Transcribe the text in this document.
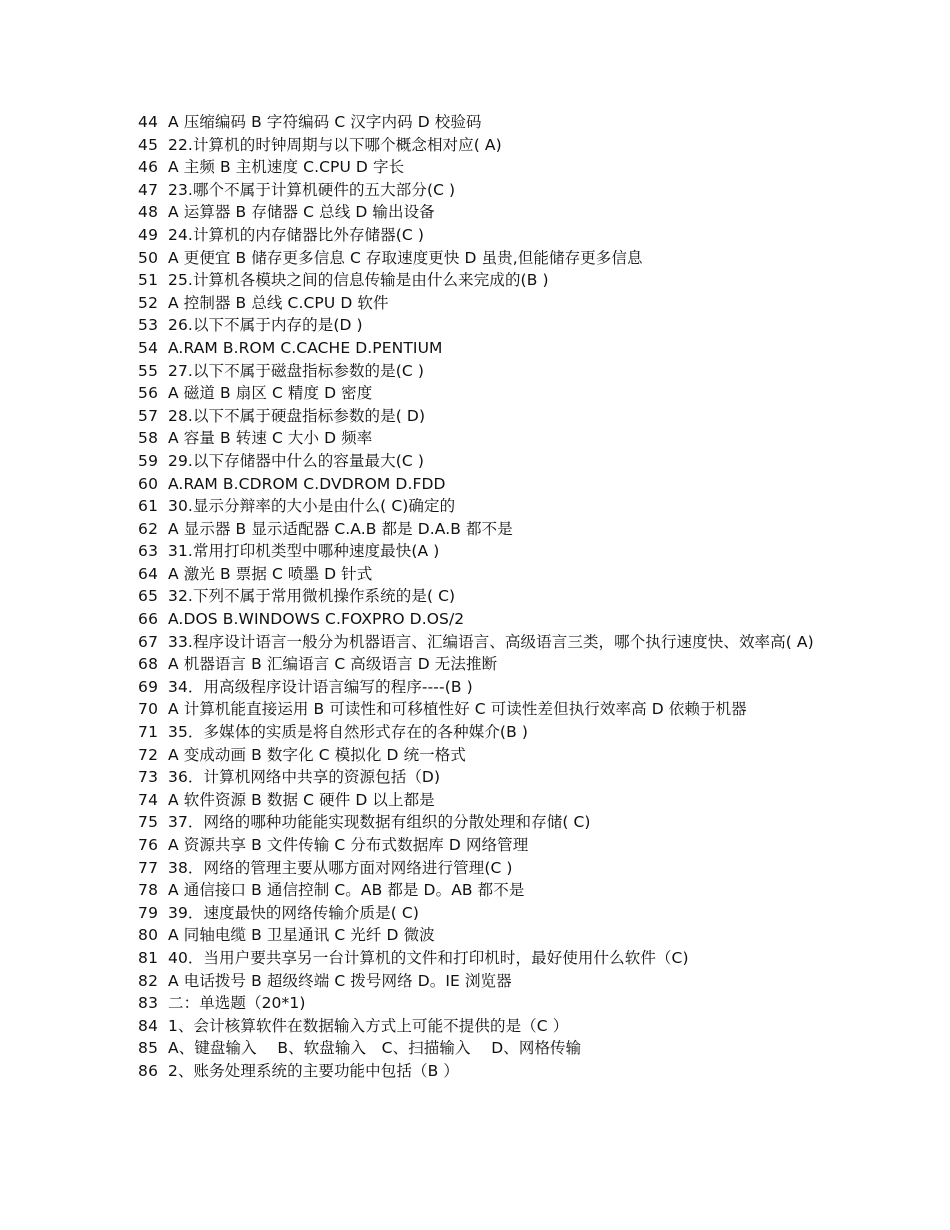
44 A 压缩编码 B 字符编码 C 汉字内码 D 校验码
45 22.计算机的时钟周期与以下哪个概念相对应( A)
46 A 主频 B 主机速度 C.CPU D 字长
47 23.哪个不属于计算机硬件的五大部分(C )
48 A 运算器 B 存储器 C 总线 D 输出设备
49 24.计算机的内存储器比外存储器(C )
50 A 更便宜 B 储存更多信息 C 存取速度更快 D 虽贵,但能储存更多信息
51 25.计算机各模块之间的信息传输是由什么来完成的(B )
52 A 控制器 B 总线 C.CPU D 软件
53 26.以下不属于内存的是(D )
54 A.RAM B.ROM C.CACHE D.PENTIUM
55 27.以下不属于磁盘指标参数的是(C )
56 A 磁道 B 扇区 C 精度 D 密度
57 28.以下不属于硬盘指标参数的是( D)
58 A 容量 B 转速 C 大小 D 频率
59 29.以下存储器中什么的容量最大(C )
60 A.RAM B.CDROM C.DVDROM D.FDD
61 30.显示分辩率的大小是由什么( C)确定的
62 A 显示器 B 显示适配器 C.A.B 都是 D.A.B 都不是
63 31.常用打印机类型中哪种速度最快(A )
64 A 激光 B 票据 C 喷墨 D 针式
65 32.下列不属于常用微机操作系统的是( C)
66 A.DOS B.WINDOWS C.FOXPRO D.OS/2
67 33.程序设计语言一般分为机器语言、汇编语言、高级语言三类，哪个执行速度快、效率高( A)
68 A 机器语言 B 汇编语言 C 高级语言 D 无法推断
69 34．用高级程序设计语言编写的程序----(B )
70 A 计算机能直接运用 B 可读性和可移植性好 C 可读性差但执行效率高 D 依赖于机器
71 35．多媒体的实质是将自然形式存在的各种媒介(B )
72 A 变成动画 B 数字化 C 模拟化 D 统一格式
73 36．计算机网络中共享的资源包括（D)
74 A 软件资源 B 数据 C 硬件 D 以上都是
75 37．网络的哪种功能能实现数据有组织的分散处理和存储( C)
76 A 资源共享 B 文件传输 C 分布式数据库 D 网络管理
77 38．网络的管理主要从哪方面对网络进行管理(C )
78 A 通信接口 B 通信控制 C。AB 都是 D。AB 都不是
79 39．速度最快的网络传输介质是( C)
80 A 同轴电缆 B 卫星通讯 C 光纤 D 微波
81 40．当用户要共享另一台计算机的文件和打印机时，最好使用什么软件（C)
82 A 电话拨号 B 超级终端 C 拨号网络 D。IE 浏览器
83 二：单选题（20*1)
84 1、会计核算软件在数据输入方式上可能不提供的是（C ）
85 A、键盘输入　 B、软盘输入　C、扫描输入　 D、网格传输
86 2、账务处理系统的主要功能中包括（B ）
